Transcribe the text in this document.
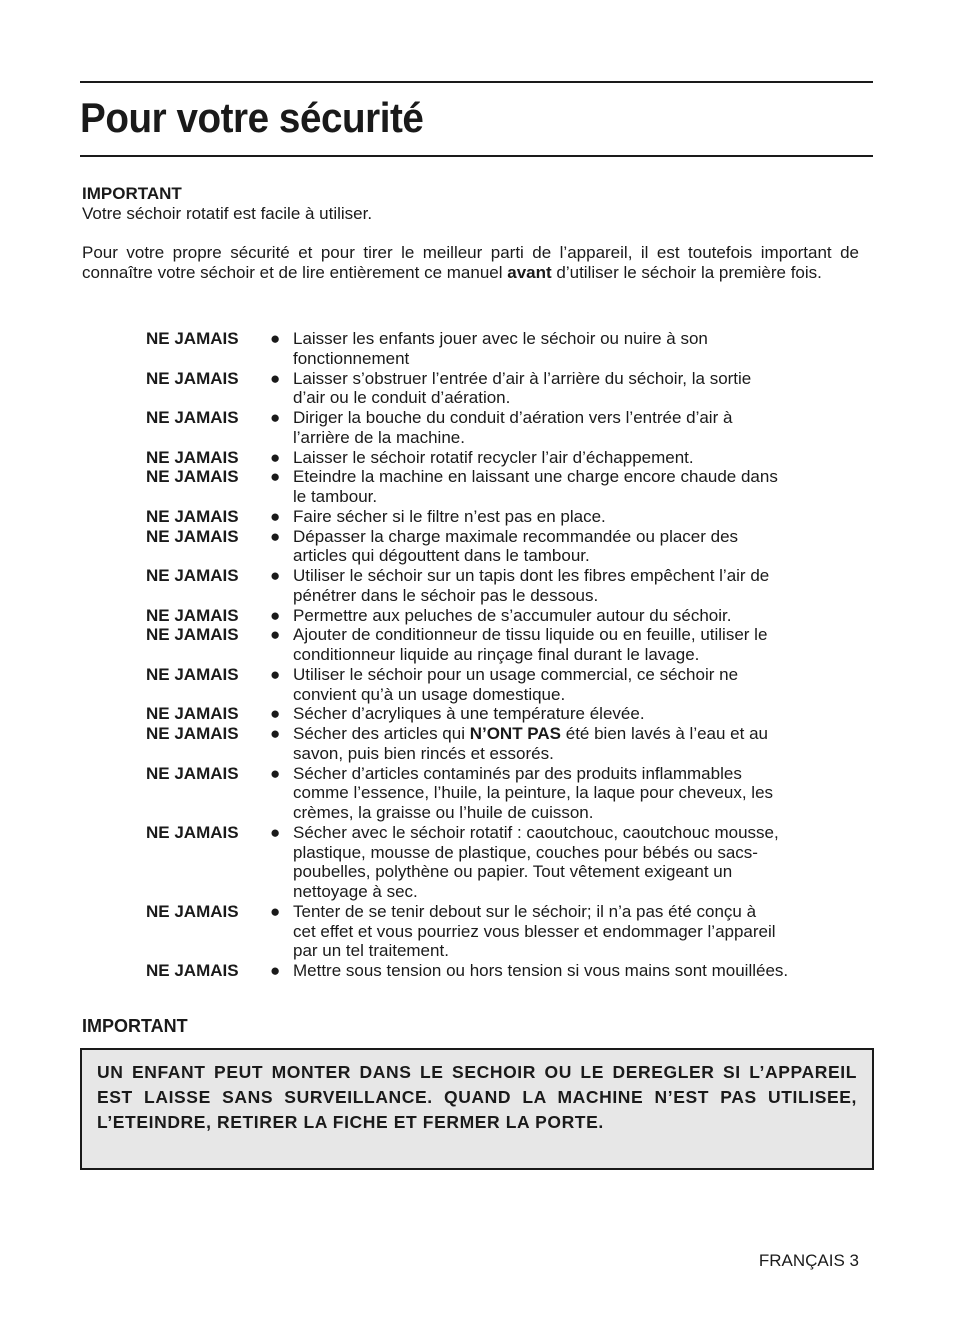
Pour votre sécurité
IMPORTANT
Votre séchoir rotatif est facile à utiliser.
Pour votre propre sécurité et pour tirer le meilleur parti de l’appareil, il est toutefois important de connaître votre séchoir et de lire entièrement ce manuel avant d’utiliser le séchoir la première fois.
NE JAMAIS	● Laisser les enfants jouer avec le séchoir ou nuire à son
fonctionnement
NE JAMAIS	● Laisser s’obstruer l’entrée d’air à l’arrière du séchoir, la sortie
d’air ou le conduit d’aération.
NE JAMAIS	● Diriger la bouche du conduit d’aération vers l’entrée d’air à
l’arrière de la machine.
NE JAMAIS	● Laisser le séchoir rotatif recycler l’air d’échappement.
NE JAMAIS	● Eteindre la machine en laissant une charge encore chaude dans
le tambour.
NE JAMAIS	● Faire sécher si le filtre n’est pas en place.
NE JAMAIS	● Dépasser la charge maximale recommandée ou placer des
articles qui dégouttent dans le tambour.
NE JAMAIS	● Utiliser le séchoir sur un tapis dont les fibres empêchent l’air de
pénétrer dans le séchoir pas le dessous.
NE JAMAIS	● Permettre aux peluches de s’accumuler autour du séchoir.
NE JAMAIS	● Ajouter de conditionneur de tissu liquide ou en feuille, utiliser le
conditionneur liquide au rinçage final durant le lavage.
NE JAMAIS	● Utiliser le séchoir pour un usage commercial, ce séchoir ne
convient qu’à un usage domestique.
NE JAMAIS	● Sécher d’acryliques à une température élevée.
NE JAMAIS	● Sécher des articles qui N’ONT PAS été bien lavés à l’eau et au
savon, puis bien rincés et essorés.
NE JAMAIS	● Sécher d’articles contaminés par des produits inflammables
comme l’essence, l’huile, la peinture, la laque pour cheveux, les
crèmes, la graisse ou l’huile de cuisson.
NE JAMAIS	● Sécher avec le séchoir rotatif : caoutchouc, caoutchouc mousse,
plastique, mousse de plastique, couches pour bébés ou sacs-
poubelles, polythène ou papier. Tout vêtement exigeant un
nettoyage à sec.
NE JAMAIS	● Tenter de se tenir debout sur le séchoir; il n’a pas été conçu à
cet effet et vous pourriez vous blesser et endommager l’appareil
par un tel traitement.
NE JAMAIS	● Mettre sous tension ou hors tension si vous mains sont mouillées.
IMPORTANT
UN ENFANT PEUT MONTER DANS LE SECHOIR OU LE DEREGLER SI L’APPAREIL EST LAISSE SANS SURVEILLANCE. QUAND LA MACHINE N’EST PAS UTILISEE, L’ETEINDRE, RETIRER LA FICHE ET FERMER LA PORTE.
FRANÇAIS 3
